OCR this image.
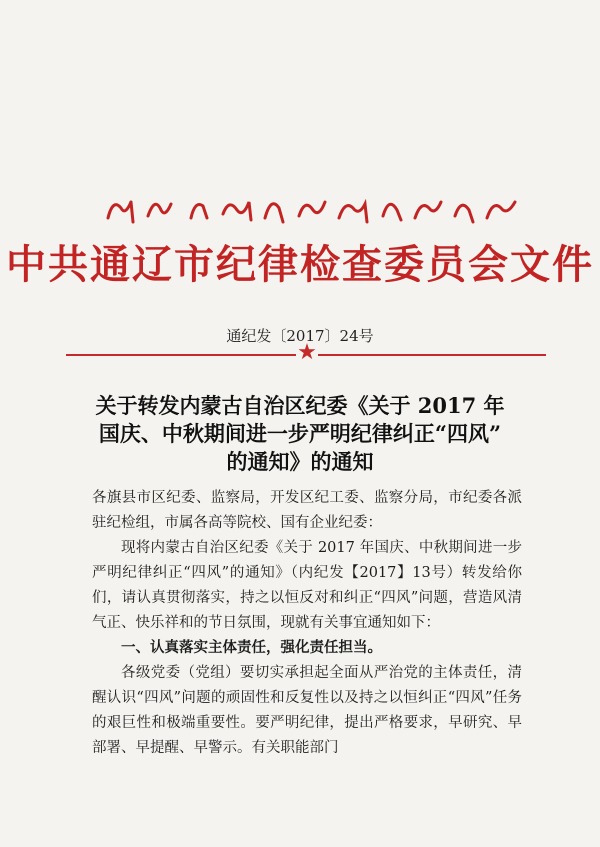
中共通辽市纪律检查委员会文件
通纪发〔2017〕24号
★
关于转发内蒙古自治区纪委《关于 2017 年
国庆、中秋期间进一步严明纪律纠正“四风”
的通知》的通知

各旗县市区纪委、监察局，开发区纪工委、监察分局，市纪委各派驻纪检组，市属各高等院校、国有企业纪委：

现将内蒙古自治区纪委《关于 2017 年国庆、中秋期间进一步严明纪律纠正“四风”的通知》（内纪发【2017】13号）转发给你们，请认真贯彻落实，持之以恒反对和纠正“四风”问题，营造风清气正、快乐祥和的节日氛围，现就有关事宜通知如下：

一、认真落实主体责任，强化责任担当。

各级党委（党组）要切实承担起全面从严治党的主体责任，清醒认识“四风”问题的顽固性和反复性以及持之以恒纠正“四风”任务的艰巨性和极端重要性。要严明纪律，提出严格要求，早研究、早部署、早提醒、早警示。有关职能部门
